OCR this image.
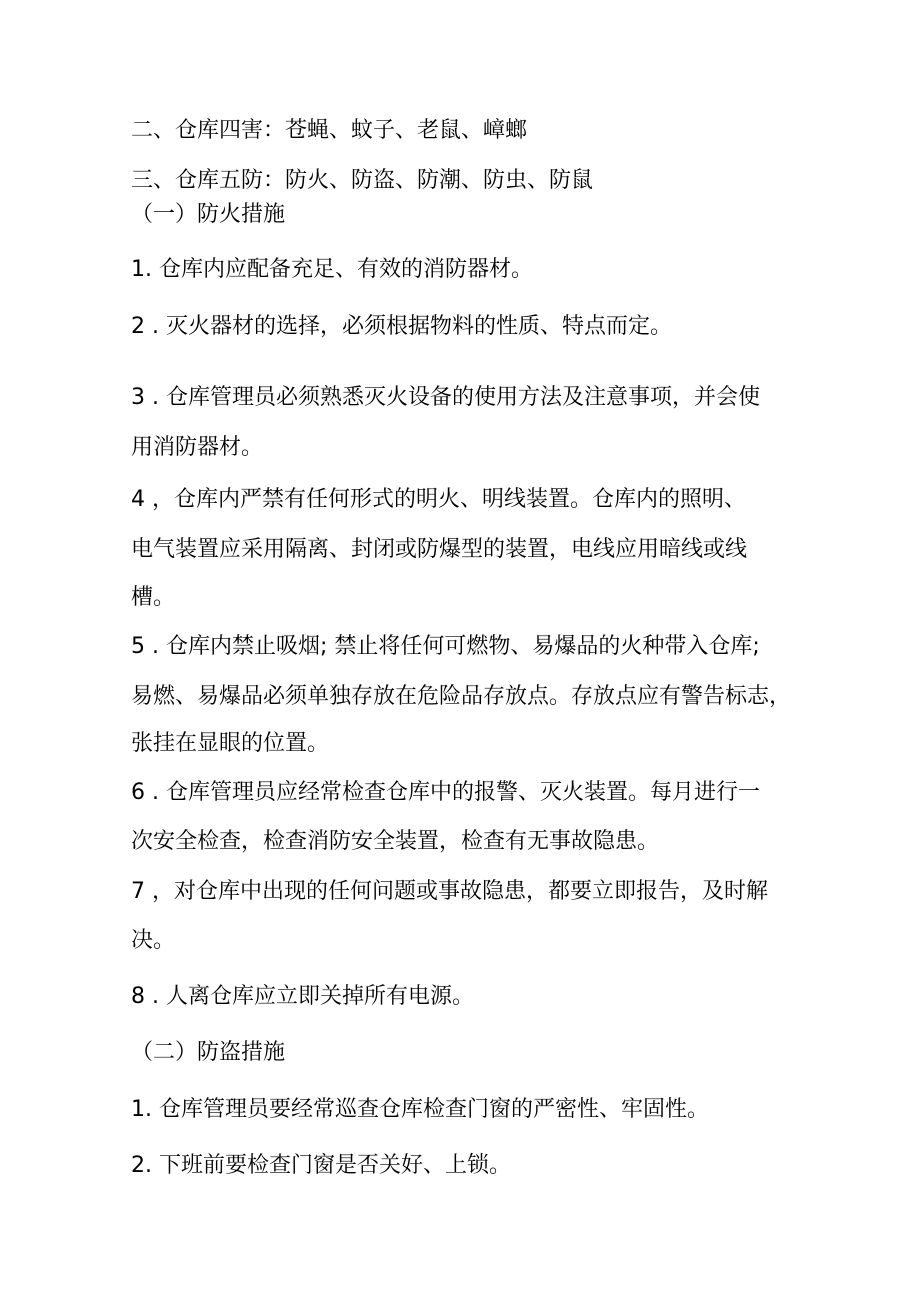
二、仓库四害：苍蝇、蚊子、老鼠、嶂螂
三、仓库五防：防火、防盗、防潮、防虫、防鼠
（一）防火措施
1. 仓库内应配备充足、有效的消防器材。
2 . 灭火器材的选择，必须根据物料的性质、特点而定。
3 . 仓库管理员必须熟悉灭火设备的使用方法及注意事项，并会使
用消防器材。
4 ，仓库内严禁有任何形式的明火、明线装置。仓库内的照明、
电气装置应采用隔离、封闭或防爆型的装置，电线应用暗线或线
槽。
5 . 仓库内禁止吸烟; 禁止将任何可燃物、易爆品的火种带入仓库;
易燃、易爆品必须单独存放在危险品存放点。存放点应有警告标志，
张挂在显眼的位置。
6 . 仓库管理员应经常检查仓库中的报警、灭火装置。每月进行一
次安全检查，检查消防安全装置，检查有无事故隐患。
7 ，对仓库中出现的任何问题或事故隐患，都要立即报告，及时解
决。
8 . 人离仓库应立即关掉所有电源。
（二）防盗措施
1. 仓库管理员要经常巡查仓库检查门窗的严密性、牢固性。
2. 下班前要检查门窗是否关好、上锁。
